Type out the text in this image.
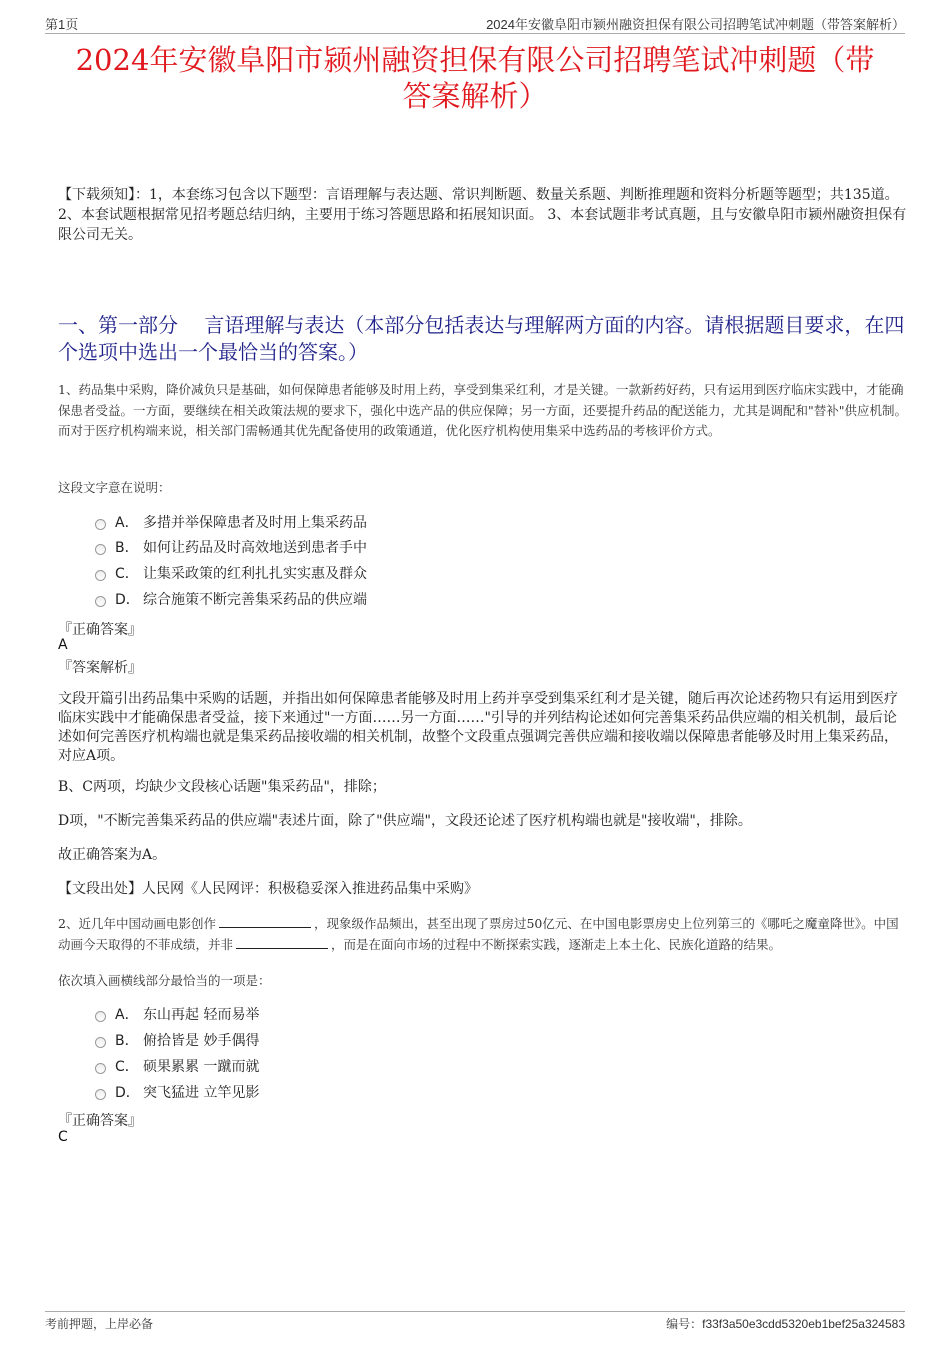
第1页	2024年安徽阜阳市颍州融资担保有限公司招聘笔试冲刺题（带答案解析）
2024年安徽阜阳市颍州融资担保有限公司招聘笔试冲刺题（带
答案解析）
【下载须知】：1，本套练习包含以下题型：言语理解与表达题、常识判断题、数量关系题、判断推理题和资料分析题等题型；共135道。 2、本套试题根据常见招考题总结归纳，主要用于练习答题思路和拓展知识面。 3、本套试题非考试真题，且与安徽阜阳市颍州融资担保有限公司无关。
一、第一部分　 言语理解与表达（本部分包括表达与理解两方面的内容。请根据题目要求，在四个选项中选出一个最恰当的答案。）
1、药品集中采购，降价减负只是基础，如何保障患者能够及时用上药，享受到集采红利，才是关键。一款新药好药，只有运用到医疗临床实践中，才能确保患者受益。一方面，要继续在相关政策法规的要求下，强化中选产品的供应保障；另一方面，还要提升药品的配送能力，尤其是调配和"替补"供应机制。而对于医疗机构端来说，相关部门需畅通其优先配备使用的政策通道，优化医疗机构使用集采中选药品的考核评价方式。
这段文字意在说明：
A． 多措并举保障患者及时用上集采药品
B． 如何让药品及时高效地送到患者手中
C． 让集采政策的红利扎扎实实惠及群众
D． 综合施策不断完善集采药品的供应端
『正确答案』
A
『答案解析』
文段开篇引出药品集中采购的话题，并指出如何保障患者能够及时用上药并享受到集采红利才是关键，随后再次论述药物只有运用到医疗临床实践中才能确保患者受益，接下来通过"一方面……另一方面……"引导的并列结构论述如何完善集采药品供应端的相关机制，最后论述如何完善医疗机构端也就是集采药品接收端的相关机制，故整个文段重点强调完善供应端和接收端以保障患者能够及时用上集采药品，对应A项。
B、C两项，均缺少文段核心话题"集采药品"，排除；
D项，"不断完善集采药品的供应端"表述片面，除了"供应端"，文段还论述了医疗机构端也就是"接收端"，排除。
故正确答案为A。
【文段出处】人民网《人民网评：积极稳妥深入推进药品集中采购》
2、近几年中国动画电影创作	，现象级作品频出，甚至出现了票房过50亿元、在中国电影票房史上位列第三的《哪吒之魔童降世》。中国动画今天取得的不菲成绩，并非	，而是在面向市场的过程中不断探索实践，逐渐走上本土化、民族化道路的结果。
依次填入画横线部分最恰当的一项是：
A． 东山再起 轻而易举
B． 俯拾皆是 妙手偶得
C． 硕果累累 一蹴而就
D． 突飞猛进 立竿见影
『正确答案』
C
考前押题，上岸必备	编号：f33f3a50e3cdd5320eb1bef25a324583
